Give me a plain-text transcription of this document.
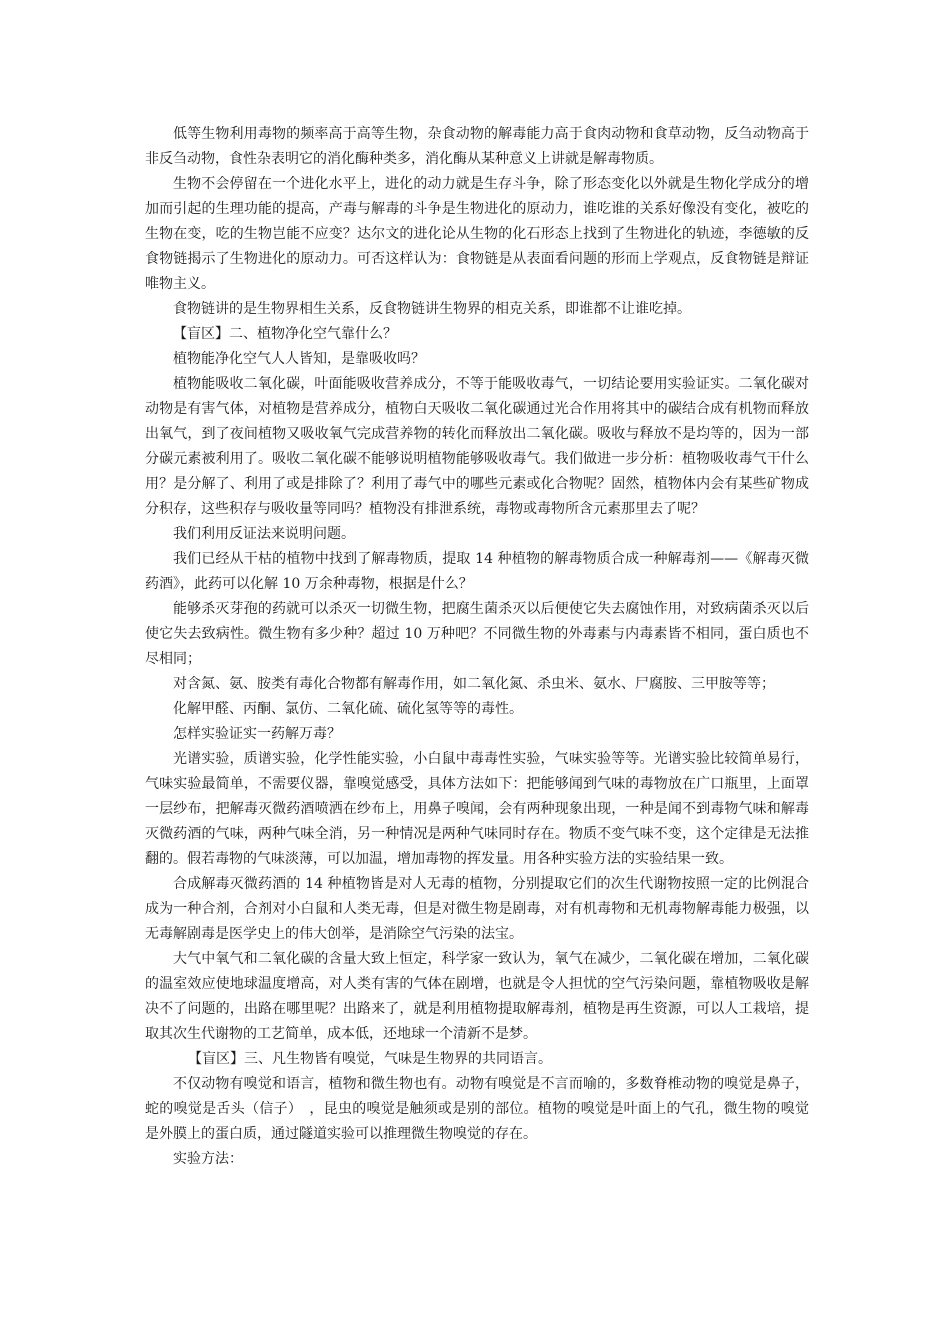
低等生物利用毒物的频率高于高等生物，杂食动物的解毒能力高于食肉动物和食草动物，反刍动物高于非反刍动物，食性杂表明它的消化酶种类多，消化酶从某种意义上讲就是解毒物质。

生物不会停留在一个进化水平上，进化的动力就是生存斗争，除了形态变化以外就是生物化学成分的增加而引起的生理功能的提高，产毒与解毒的斗争是生物进化的原动力，谁吃谁的关系好像没有变化，被吃的生物在变，吃的生物岂能不应变？达尔文的进化论从生物的化石形态上找到了生物进化的轨迹，李德敏的反食物链揭示了生物进化的原动力。可否这样认为：食物链是从表面看问题的形而上学观点，反食物链是辩证唯物主义。

食物链讲的是生物界相生关系，反食物链讲生物界的相克关系，即谁都不让谁吃掉。

【盲区】二、植物净化空气靠什么？

植物能净化空气人人皆知，是靠吸收吗？

植物能吸收二氧化碳，叶面能吸收营养成分，不等于能吸收毒气，一切结论要用实验证实。二氧化碳对动物是有害气体，对植物是营养成分，植物白天吸收二氧化碳通过光合作用将其中的碳结合成有机物而释放出氧气，到了夜间植物又吸收氧气完成营养物的转化而释放出二氧化碳。吸收与释放不是均等的，因为一部分碳元素被利用了。吸收二氧化碳不能够说明植物能够吸收毒气。我们做进一步分析：植物吸收毒气干什么用？是分解了、利用了或是排除了？利用了毒气中的哪些元素或化合物呢？固然，植物体内会有某些矿物成分积存，这些积存与吸收量等同吗？植物没有排泄系统，毒物或毒物所含元素那里去了呢？

我们利用反证法来说明问题。

我们已经从干枯的植物中找到了解毒物质，提取 14 种植物的解毒物质合成一种解毒剂——《解毒灭微药酒》，此药可以化解 10 万余种毒物，根据是什么？

能够杀灭芽孢的药就可以杀灭一切微生物，把腐生菌杀灭以后便使它失去腐蚀作用，对致病菌杀灭以后使它失去致病性。微生物有多少种？超过 10 万种吧？不同微生物的外毒素与内毒素皆不相同，蛋白质也不尽相同；

对含氮、氨、胺类有毒化合物都有解毒作用，如二氧化氮、杀虫米、氨水、尸腐胺、三甲胺等等；

化解甲醛、丙酮、氯仿、二氧化硫、硫化氢等等的毒性。

怎样实验证实一药解万毒？

光谱实验，质谱实验，化学性能实验，小白鼠中毒毒性实验，气味实验等等。光谱实验比较简单易行，气味实验最简单，不需要仪器，靠嗅觉感受，具体方法如下：把能够闻到气味的毒物放在广口瓶里，上面罩一层纱布，把解毒灭微药酒喷洒在纱布上，用鼻子嗅闻，会有两种现象出现，一种是闻不到毒物气味和解毒灭微药酒的气味，两种气味全消，另一种情况是两种气味同时存在。物质不变气味不变，这个定律是无法推翻的。假若毒物的气味淡薄，可以加温，增加毒物的挥发量。用各种实验方法的实验结果一致。

合成解毒灭微药酒的 14 种植物皆是对人无毒的植物，分别提取它们的次生代谢物按照一定的比例混合成为一种合剂，合剂对小白鼠和人类无毒，但是对微生物是剧毒，对有机毒物和无机毒物解毒能力极强，以无毒解剧毒是医学史上的伟大创举，是消除空气污染的法宝。

大气中氧气和二氧化碳的含量大致上恒定，科学家一致认为，氧气在减少，二氧化碳在增加，二氧化碳的温室效应使地球温度增高，对人类有害的气体在剧增，也就是令人担忧的空气污染问题，靠植物吸收是解决不了问题的，出路在哪里呢？出路来了，就是利用植物提取解毒剂，植物是再生资源，可以人工栽培，提取其次生代谢物的工艺简单，成本低，还地球一个清新不是梦。

【盲区】三、凡生物皆有嗅觉，气味是生物界的共同语言。

不仅动物有嗅觉和语言，植物和微生物也有。动物有嗅觉是不言而喻的，多数脊椎动物的嗅觉是鼻子，蛇的嗅觉是舌头（信子）　，昆虫的嗅觉是触须或是别的部位。植物的嗅觉是叶面上的气孔，微生物的嗅觉是外膜上的蛋白质，通过隧道实验可以推理微生物嗅觉的存在。

实验方法：
